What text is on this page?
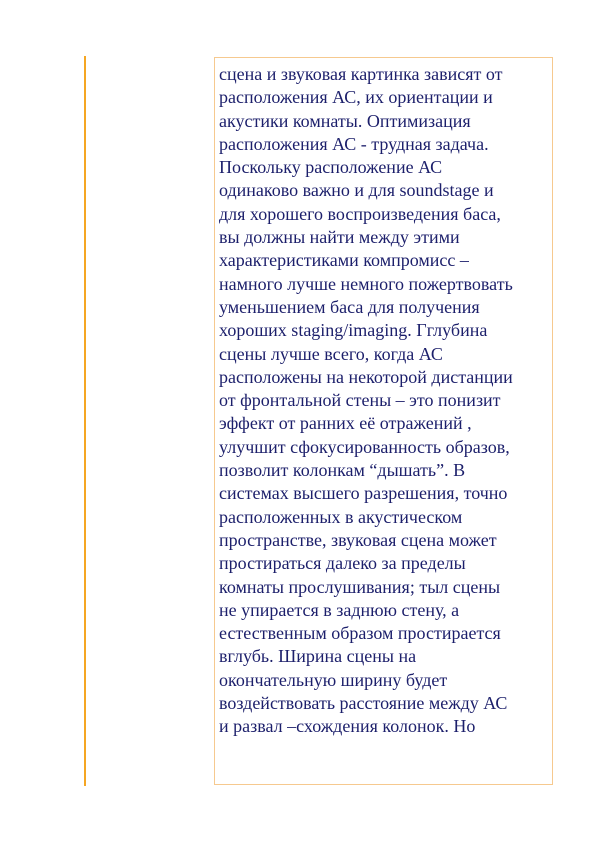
сцена и звуковая картинка зависят от
расположения АС, их ориентации и
акустики комнаты. Оптимизация
расположения АС - трудная задача.
Поскольку расположение АС
одинаково важно и для soundstage и
для хорошего воспроизведения баса,
вы должны найти между этими
характеристиками компромисс –
намного лучше немного пожертвовать
уменьшением баса для получения
хороших staging/imaging. Гглубина
сцены лучше всего, когда АС
расположены на некоторой дистанции
от фронтальной стены – это понизит
эффект от ранних её отражений ,
улучшит сфокусированность образов,
позволит колонкам “дышать”. В
системах высшего разрешения, точно
расположенных в акустическом
пространстве, звуковая сцена может
простираться далеко за пределы
комнаты прослушивания; тыл сцены
не упирается в заднюю стену, а
естественным образом простирается
вглубь. Ширина сцены на
окончательную ширину будет
воздействовать расстояние между АС
и развал –схождения колонок. Но
